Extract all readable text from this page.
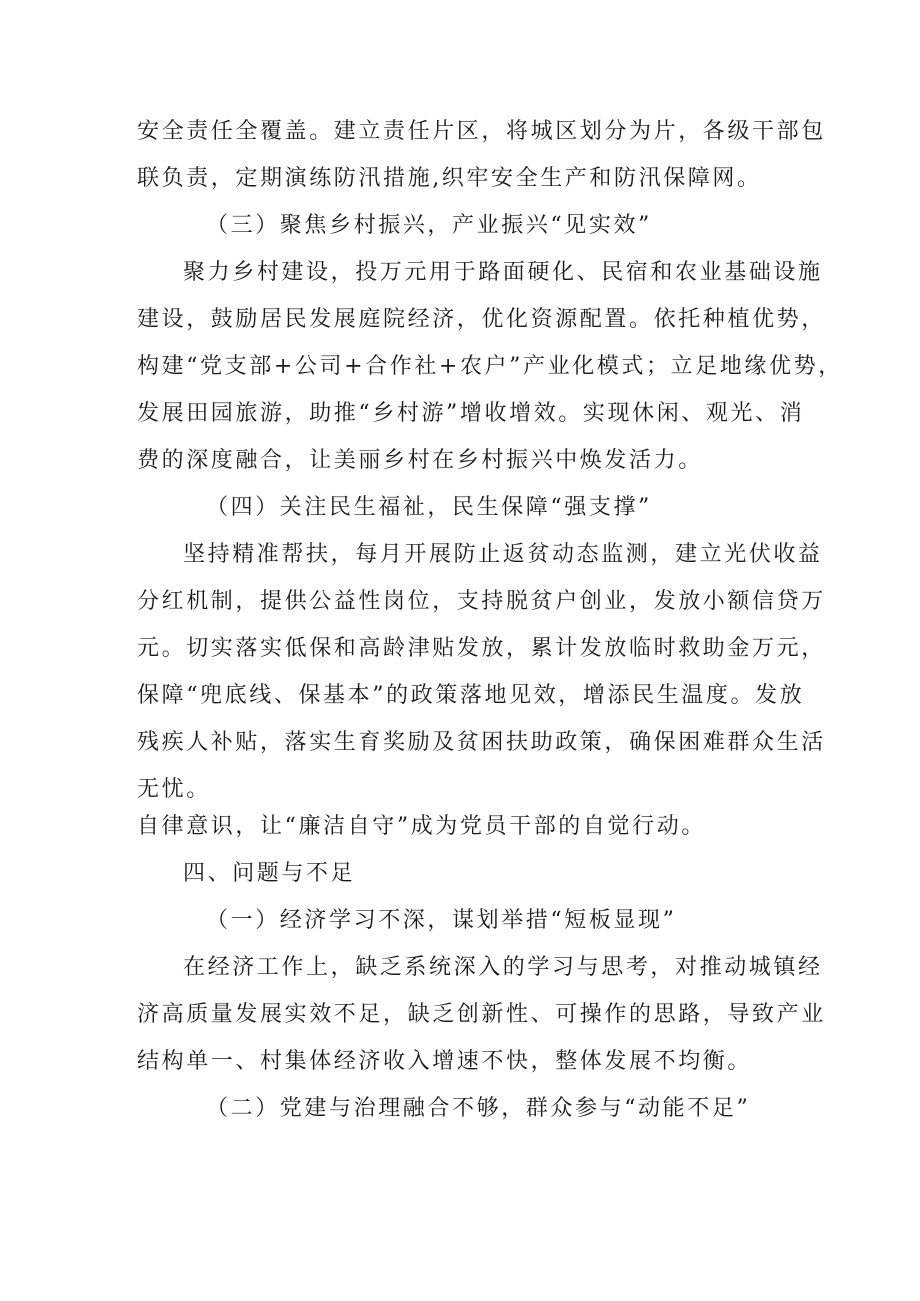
安全责任全覆盖。建立责任片区，将城区划分为片，各级干部包
联负责，定期演练防汛措施,织牢安全生产和防汛保障网。
（三）聚焦乡村振兴，产业振兴“见实效”
聚力乡村建设，投万元用于路面硬化、民宿和农业基础设施
建设，鼓励居民发展庭院经济，优化资源配置。依托种植优势，
构建“党支部+公司+合作社+农户”产业化模式；立足地缘优势，
发展田园旅游，助推“乡村游”增收增效。实现休闲、观光、消
费的深度融合，让美丽乡村在乡村振兴中焕发活力。
（四）关注民生福祉，民生保障“强支撑”
坚持精准帮扶，每月开展防止返贫动态监测，建立光伏收益
分红机制，提供公益性岗位，支持脱贫户创业，发放小额信贷万
元。切实落实低保和高龄津贴发放，累计发放临时救助金万元，
保障“兜底线、保基本”的政策落地见效，增添民生温度。发放
残疾人补贴，落实生育奖励及贫困扶助政策，确保困难群众生活
无忧。
自律意识，让“廉洁自守”成为党员干部的自觉行动。
四、问题与不足
（一）经济学习不深，谋划举措“短板显现”
在经济工作上，缺乏系统深入的学习与思考，对推动城镇经
济高质量发展实效不足，缺乏创新性、可操作的思路，导致产业
结构单一、村集体经济收入增速不快，整体发展不均衡。
（二）党建与治理融合不够，群众参与“动能不足”
